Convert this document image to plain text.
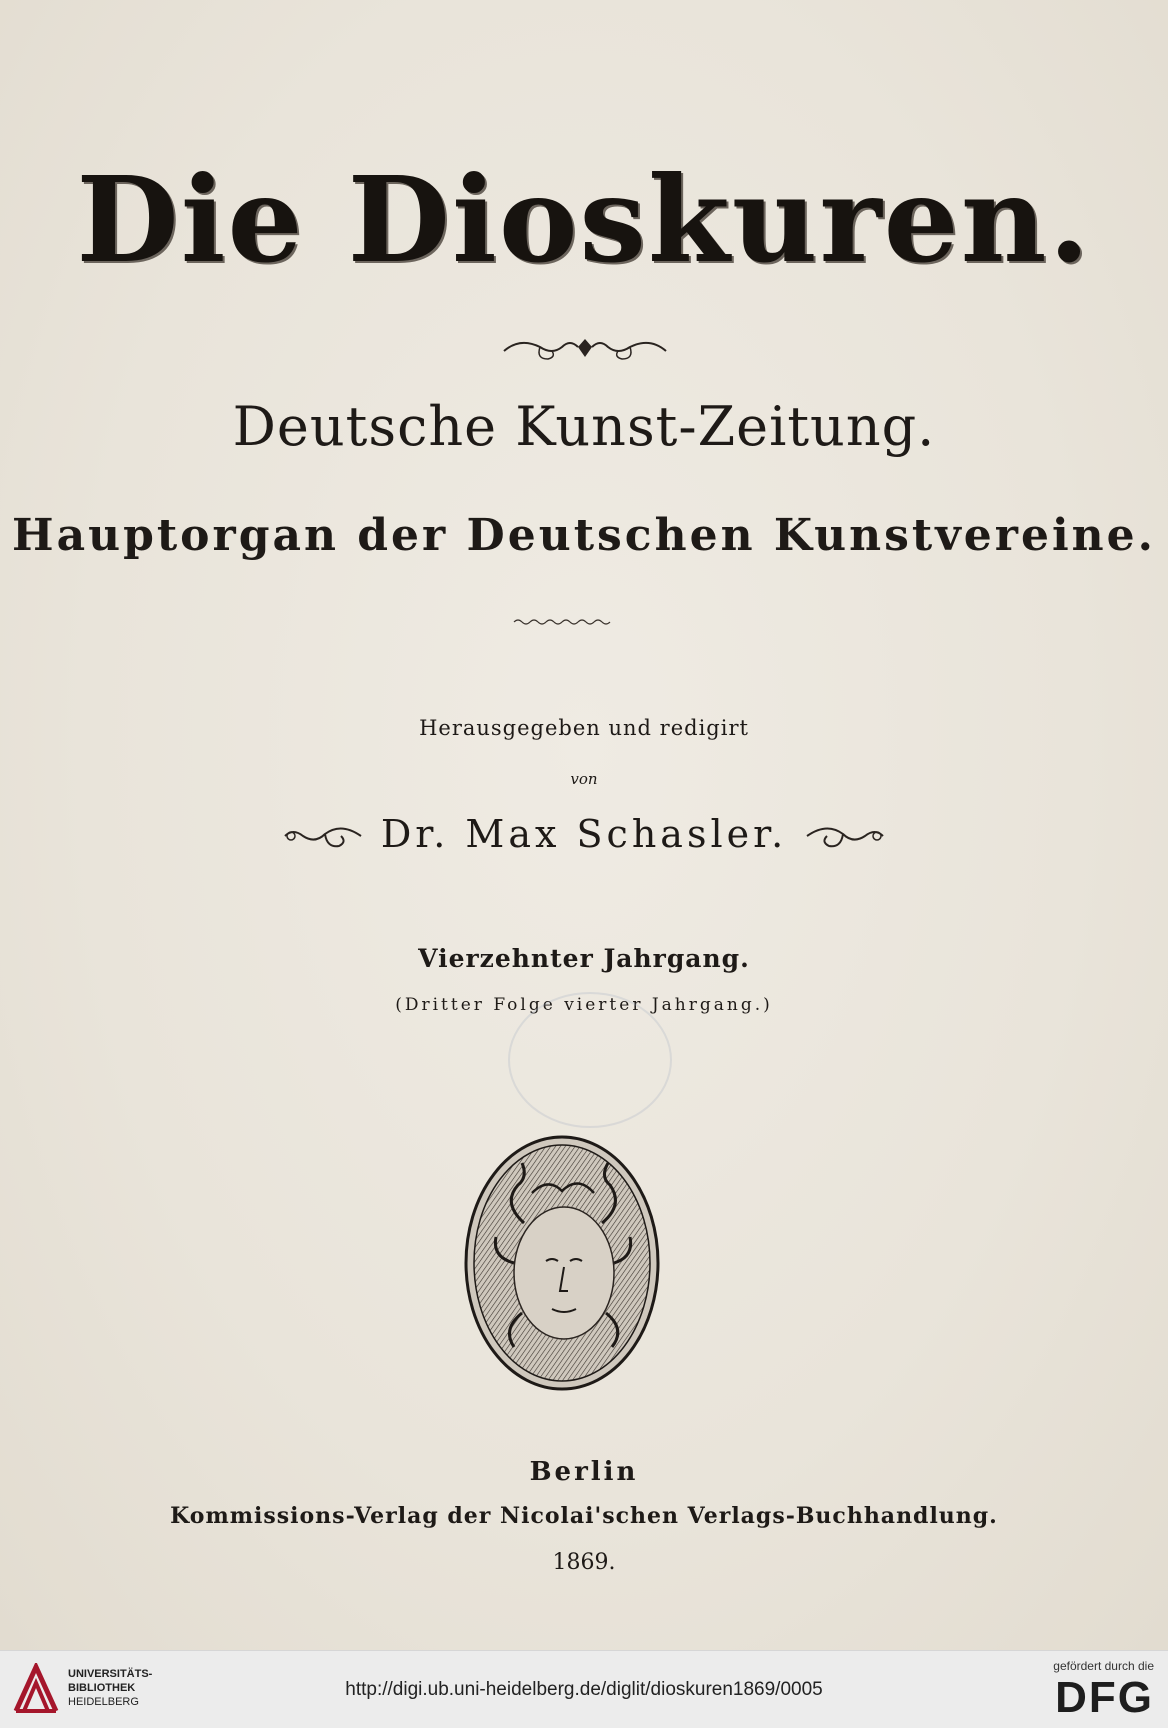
Die Dioskuren.
Deutsche Kunst-Zeitung.
Hauptorgan der Deutschen Kunstvereine.
Herausgegeben und redigirt
von
Dr. Max Schasler.
Vierzehnter Jahrgang.
(Dritter Folge vierter Jahrgang.)
Berlin
Kommissions-Verlag der Nicolai'schen Verlags-Buchhandlung.
1869.
UNIVERSITÄTS-
BIBLIOTHEK
HEIDELBERG
http://digi.ub.uni-heidelberg.de/diglit/dioskuren1869/0005
gefördert durch die
DFG
